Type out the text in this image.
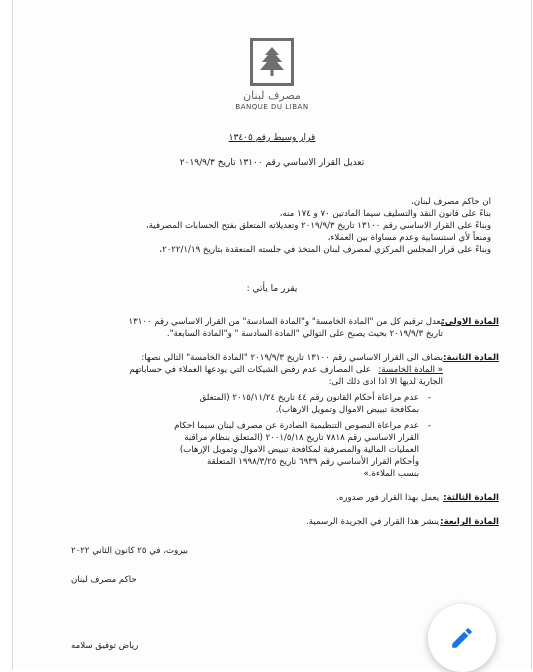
مصرف لبنان
BANQUE DU LIBAN
قرار وسيط رقم ١٣٤٠٥
تعديل القرار الاساسي رقم ١٣١٠٠ تاريخ ٢٠١٩/٩/٣
ان حاكم مصرف لبنان،
بناءً على قانون النقد والتسليف سيما المادتين ٧٠ و ١٧٤ منه،
وبناءً على القرار الاساسي رقم ١٣١٠٠ تاريخ ٢٠١٩/٩/٣ وتعديلاته المتعلق بفتح الحسابات المصرفية،
ومنعاً لأي استنسابية وعدم مساواة بين العملاء،
وبناءً على قرار المجلس المركزي لمصرف لبنان المتخذ في جلسته المنعقدة بتاريخ ٢٠٢٢/١/١٩،
يقرر ما يأتي :
المادة الاولى:
يعدل ترقيم كل من "المادة الخامسة" و"المادة السادسة" من القرار الاساسي رقم ١٣١٠٠
تاريخ ٢٠١٩/٩/٣ بحيث يصبح على التوالي "المادة السادسة " و"المادة السابعة".
المادة الثانية:
يضاف الى القرار الاساسي رقم ١٣١٠٠ تاريخ ٢٠١٩/٩/٣ "المادة الخامسة" التالي نصها:
« المادة الخامسة:
على المصارف عدم رفض الشيكات التي يودعها العملاء في حساباتهم
الجارية لديها الا اذا ادى ذلك الى:
-
عدم مراعاة أحكام القانون رقم ٤٤ تاريخ ٢٠١٥/١١/٢٤ (المتعلق
بمكافحة تبييض الاموال وتمويل الارهاب).
-
عدم مراعاة النصوص التنظيمية الصادرة عن مصرف لبنان سيما احكام
القرار الاساسي رقم ٧٨١٨ تاريخ ٢٠٠١/٥/١٨ (المتعلق بنظام مراقبة
العمليات المالية والمصرفية لمكافحة تبييض الاموال وتمويل الإرهاب)
وأحكام القرار الأساسي رقم ٦٩٣٩ تاريخ ١٩٩٨/٣/٢٥ المتعلقة
بنسب الملاءة.»
المادة الثالثة:
يعمل بهذا القرار فور صدوره.
المادة الرابعة:
ينشر هذا القرار في الجريدة الرسمية.
بيروت، في ٢٥ كانون الثاني ٢٠٢٢
حاكم مصرف لبنان
رياض توفيق سلامه
